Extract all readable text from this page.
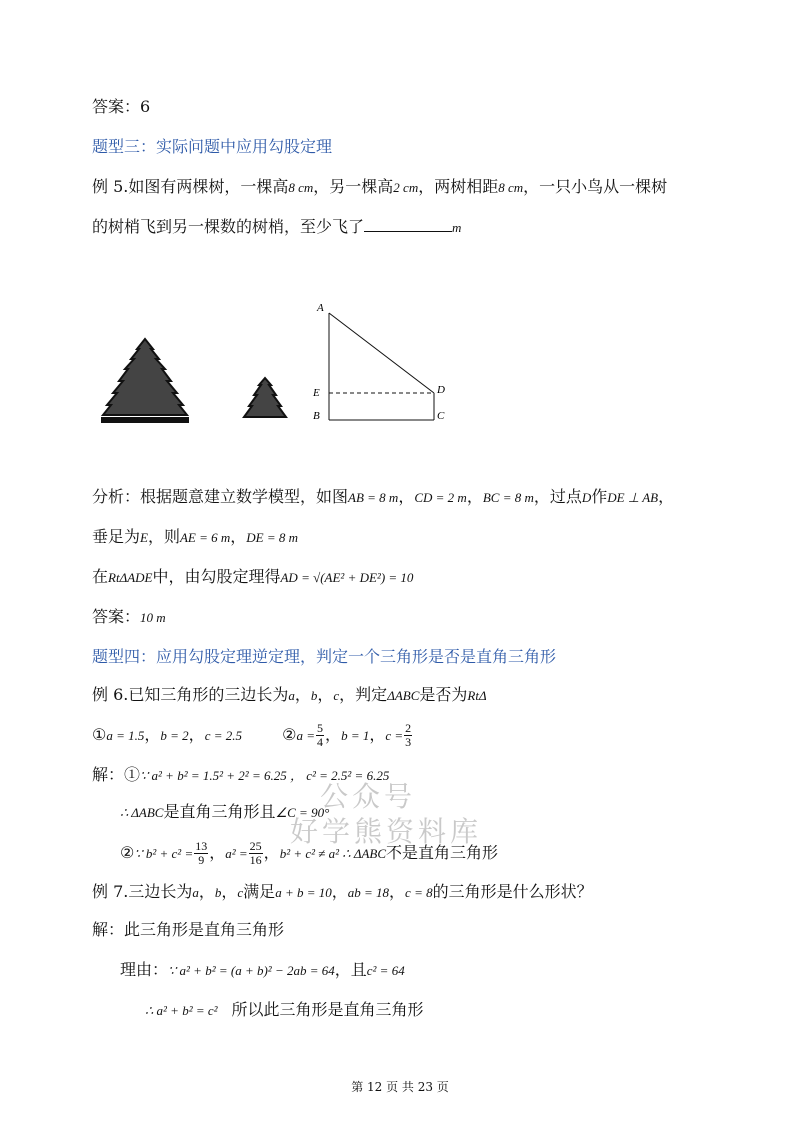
公众号
好学熊资料库
答案：6
题型三：实际问题中应用勾股定理
例 5.如图有两棵树，一棵高8 cm，另一棵高2 cm，两树相距8 cm，一只小鸟从一棵树
的树梢飞到另一棵数的树梢，至少飞了	m
A
E
B
D
C
分析：根据题意建立数学模型，如图AB = 8 m，CD = 2 m，BC = 8 m，过点D作DE ⊥ AB，
垂足为E，则AE = 6 m，DE = 8 m
在RtΔADE中，由勾股定理得AD = √(AE² + DE²) = 10
答案：10 m
题型四：应用勾股定理逆定理，判定一个三角形是否是直角三角形
例 6.已知三角形的三边长为a，b，c，判定ΔABC是否为RtΔ
①a = 1.5，b = 2，c = 2.5	②a = $\frac{5}{4}$ ，b = 1，$c = \frac{2}{3}$
解：①∵ a² + b² = 1.5² + 2² = 6.25 ， c² = 2.5² = 6.25
∴ ΔABC是直角三角形且∠C = 90°
②∵ $b^2 + c^2 = \frac{13}{9}$ ，$a^2 = \frac{25}{16}$ ，b² + c² ≠ a² ∴ ΔABC不是直角三角形
例 7.三边长为a，b，c满足a + b = 10，ab = 18，c = 8的三角形是什么形状？
解：此三角形是直角三角形
理由：∵ a² + b² = (a + b)² − 2ab = 64，且c² = 64
∴ a² + b² = c² 所以此三角形是直角三角形
第 12 页 共 23 页
